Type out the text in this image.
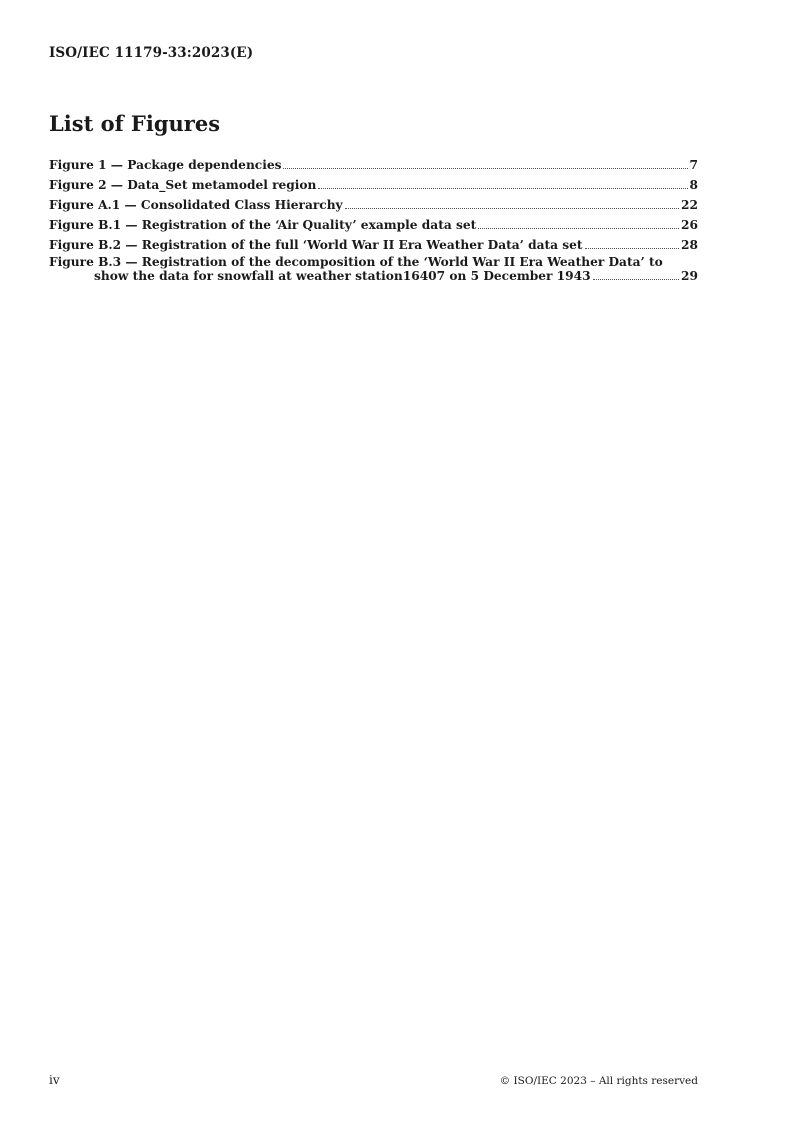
ISO/IEC 11179-33:2023(E)
List of Figures
Figure 1 — Package dependencies	7
Figure 2 — Data_Set metamodel region	8
Figure A.1 — Consolidated Class Hierarchy	22
Figure B.1 — Registration of the ‘Air Quality’ example data set	26
Figure B.2 — Registration of the full ‘World War II Era Weather Data’ data set	28
Figure B.3 — Registration of the decomposition of the ‘World War II Era Weather Data’ to
show the data for snowfall at weather station16407 on 5 December 1943	29
iv	© ISO/IEC 2023 – All rights reserved
